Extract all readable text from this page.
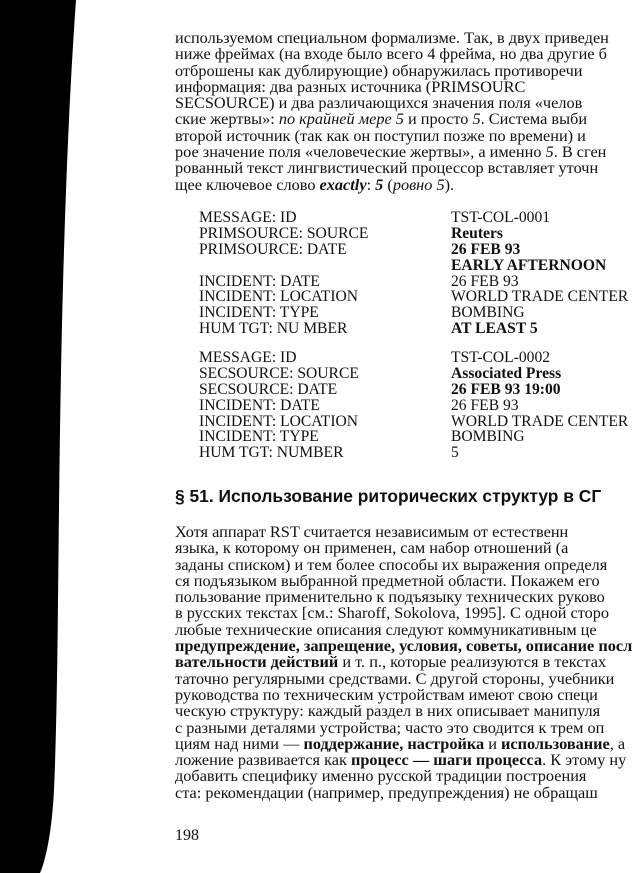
используемом специальном формализме. Так, в двух приведен
ниже фреймах (на входе было всего 4 фрейма, но два другие б
отброшены как дублирующие) обнаружилась противоречи
информация: два разных источника (PRIMSOURC
SECSOURCE) и два различающихся значения поля «челов
ские жертвы»: по крайней мере 5 и просто 5. Система выби
второй источник (так как он поступил позже по времени) и
рое значение поля «человеческие жертвы», а именно 5. В сген
рованный текст лингвистический процессор вставляет уточн
щее ключевое слово exactly: 5 (ровно 5).
MESSAGE: ID	TST-COL-0001
PRIMSOURCE: SOURCE	Reuters
PRIMSOURCE: DATE	26 FEB 93
EARLY AFTERNOON
INCIDENT: DATE	26 FEB 93
INCIDENT: LOCATION	WORLD TRADE CENTER
INCIDENT: TYPE	BOMBING
HUM TGT: NU MBER	AT LEAST 5
MESSAGE: ID	TST-COL-0002
SECSOURCE: SOURCE	Associated Press
SECSOURCE: DATE	26 FEB 93 19:00
INCIDENT: DATE	26 FEB 93
INCIDENT: LOCATION	WORLD TRADE CENTER
INCIDENT: TYPE	BOMBING
HUM TGT: NUMBER	5
§ 51. Использование риторических структур в СГ
Хотя аппарат RST считается независимым от естественн
языка, к которому он применен, сам набор отношений (а
заданы списком) и тем более способы их выражения определя
ся подъязыком выбранной предметной области. Покажем его
пользование применительно к подъязыку технических руково
в русских текстах [см.: Sharoff, Sokolova, 1995]. С одной сторо
любые технические описания следуют коммуникативным це
предупреждение, запрещение, условия, советы, описание посл
вательности действий и т. п., которые реализуются в текстах
таточно регулярными средствами. С другой стороны, учебники
руководства по техническим устройствам имеют свою специ
ческую структуру: каждый раздел в них описывает манипуля
с разными деталями устройства; часто это сводится к трем оп
циям над ними — поддержание, настройка и использование, а
ложение развивается как процесс — шаги процесса. К этому ну
добавить специфику именно русской традиции построения
ста: рекомендации (например, предупреждения) не обращаш
198
